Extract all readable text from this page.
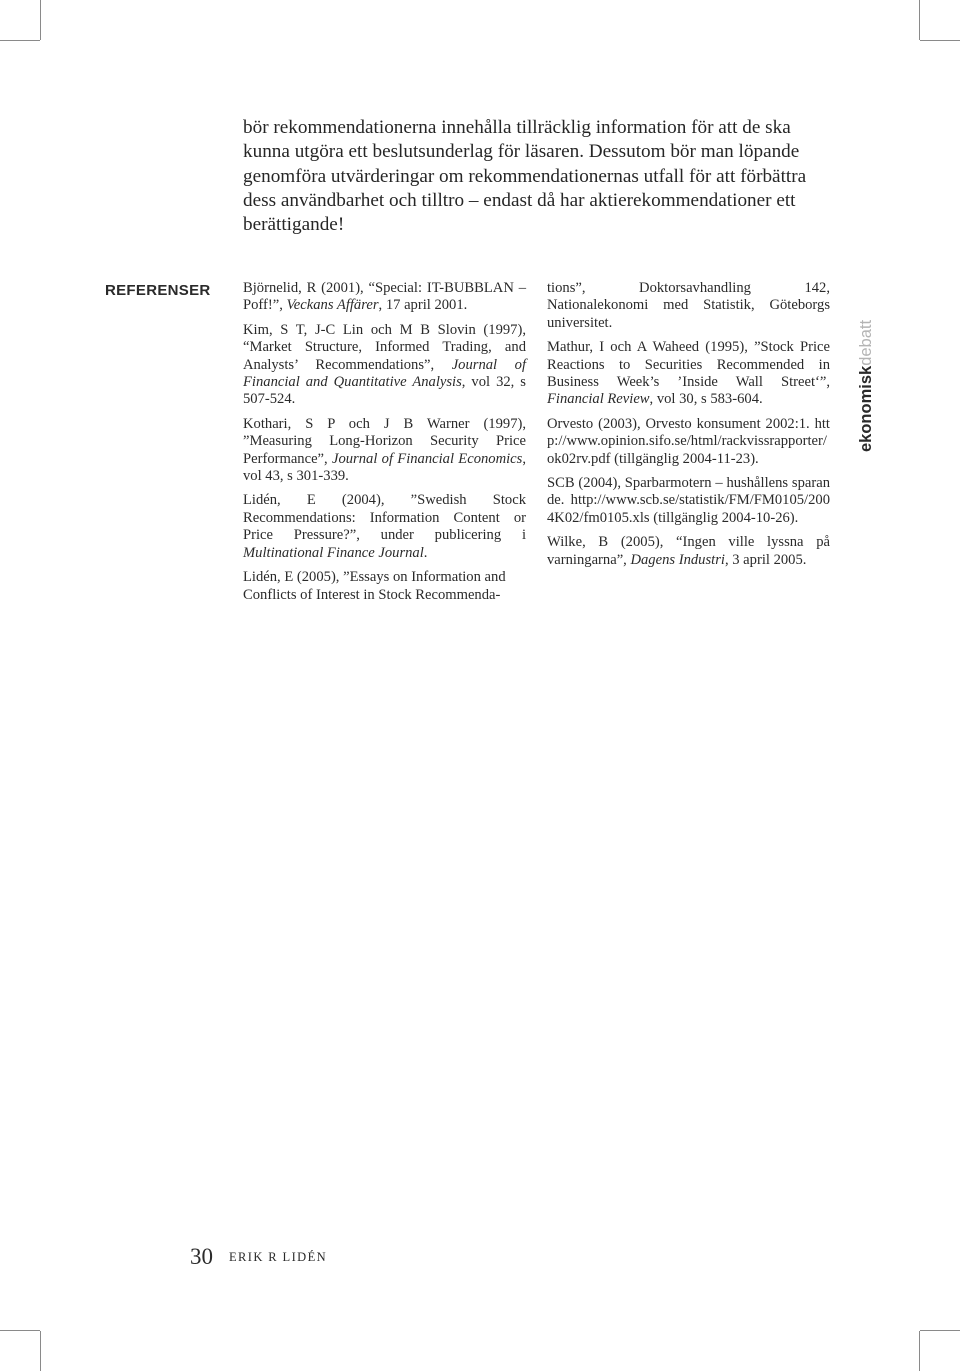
bör rekommendationerna innehålla tillräcklig information för att de ska kunna utgöra ett beslutsunderlag för läsaren. Dessutom bör man löpande genomföra utvärderingar om rekommendationernas utfall för att förbättra dess användbarhet och tilltro – endast då har aktierekommendationer ett berättigande!

REFERENSER Björnelid, R (2001), “Special: IT-BUBBLAN – Poff!”, Veckans Affärer, 17 april 2001.

Kim, S T, J-C Lin och M B Slovin (1997), “Market Structure, Informed Trading, and Analysts’ Recommendations”, Journal of Financial and Quantitative Analysis, vol 32, s 507-524.

Kothari, S P och J B Warner (1997), ”Measuring Long-Horizon Security Price Performance”, Journal of Financial Economics, vol 43, s 301-339.

Lidén, E (2004), ”Swedish Stock Recommendations: Information Content or Price Pressure?”, under publicering i Multinational Finance Journal.

Lidén, E (2005), ”Essays on Information and Conflicts of Interest in Stock Recommenda-

tions”, Doktorsavhandling 142, Nationalekonomi med Statistik, Göteborgs universitet.

Mathur, I och A Waheed (1995), ”Stock Price Reactions to Securities Recommended in Business Week’s ’Inside Wall Street‘”, Financial Review, vol 30, s 583-604.

Orvesto (2003), Orvesto konsument 2002:1. http://www.opinion.sifo.se/html/rackvissrapporter/ok02rv.pdf (tillgänglig 2004-11-23).

SCB (2004), Sparbarmotern – hushållens sparande. http://www.scb.se/statistik/FM/FM0105/2004K02/fm0105.xls (tillgänglig 2004-10-26).

Wilke, B (2005), “Ingen ville lyssna på varningarna”, Dagens Industri, 3 april 2005.

ekonomiskdebatt
30 ERIK R LIDÉN
